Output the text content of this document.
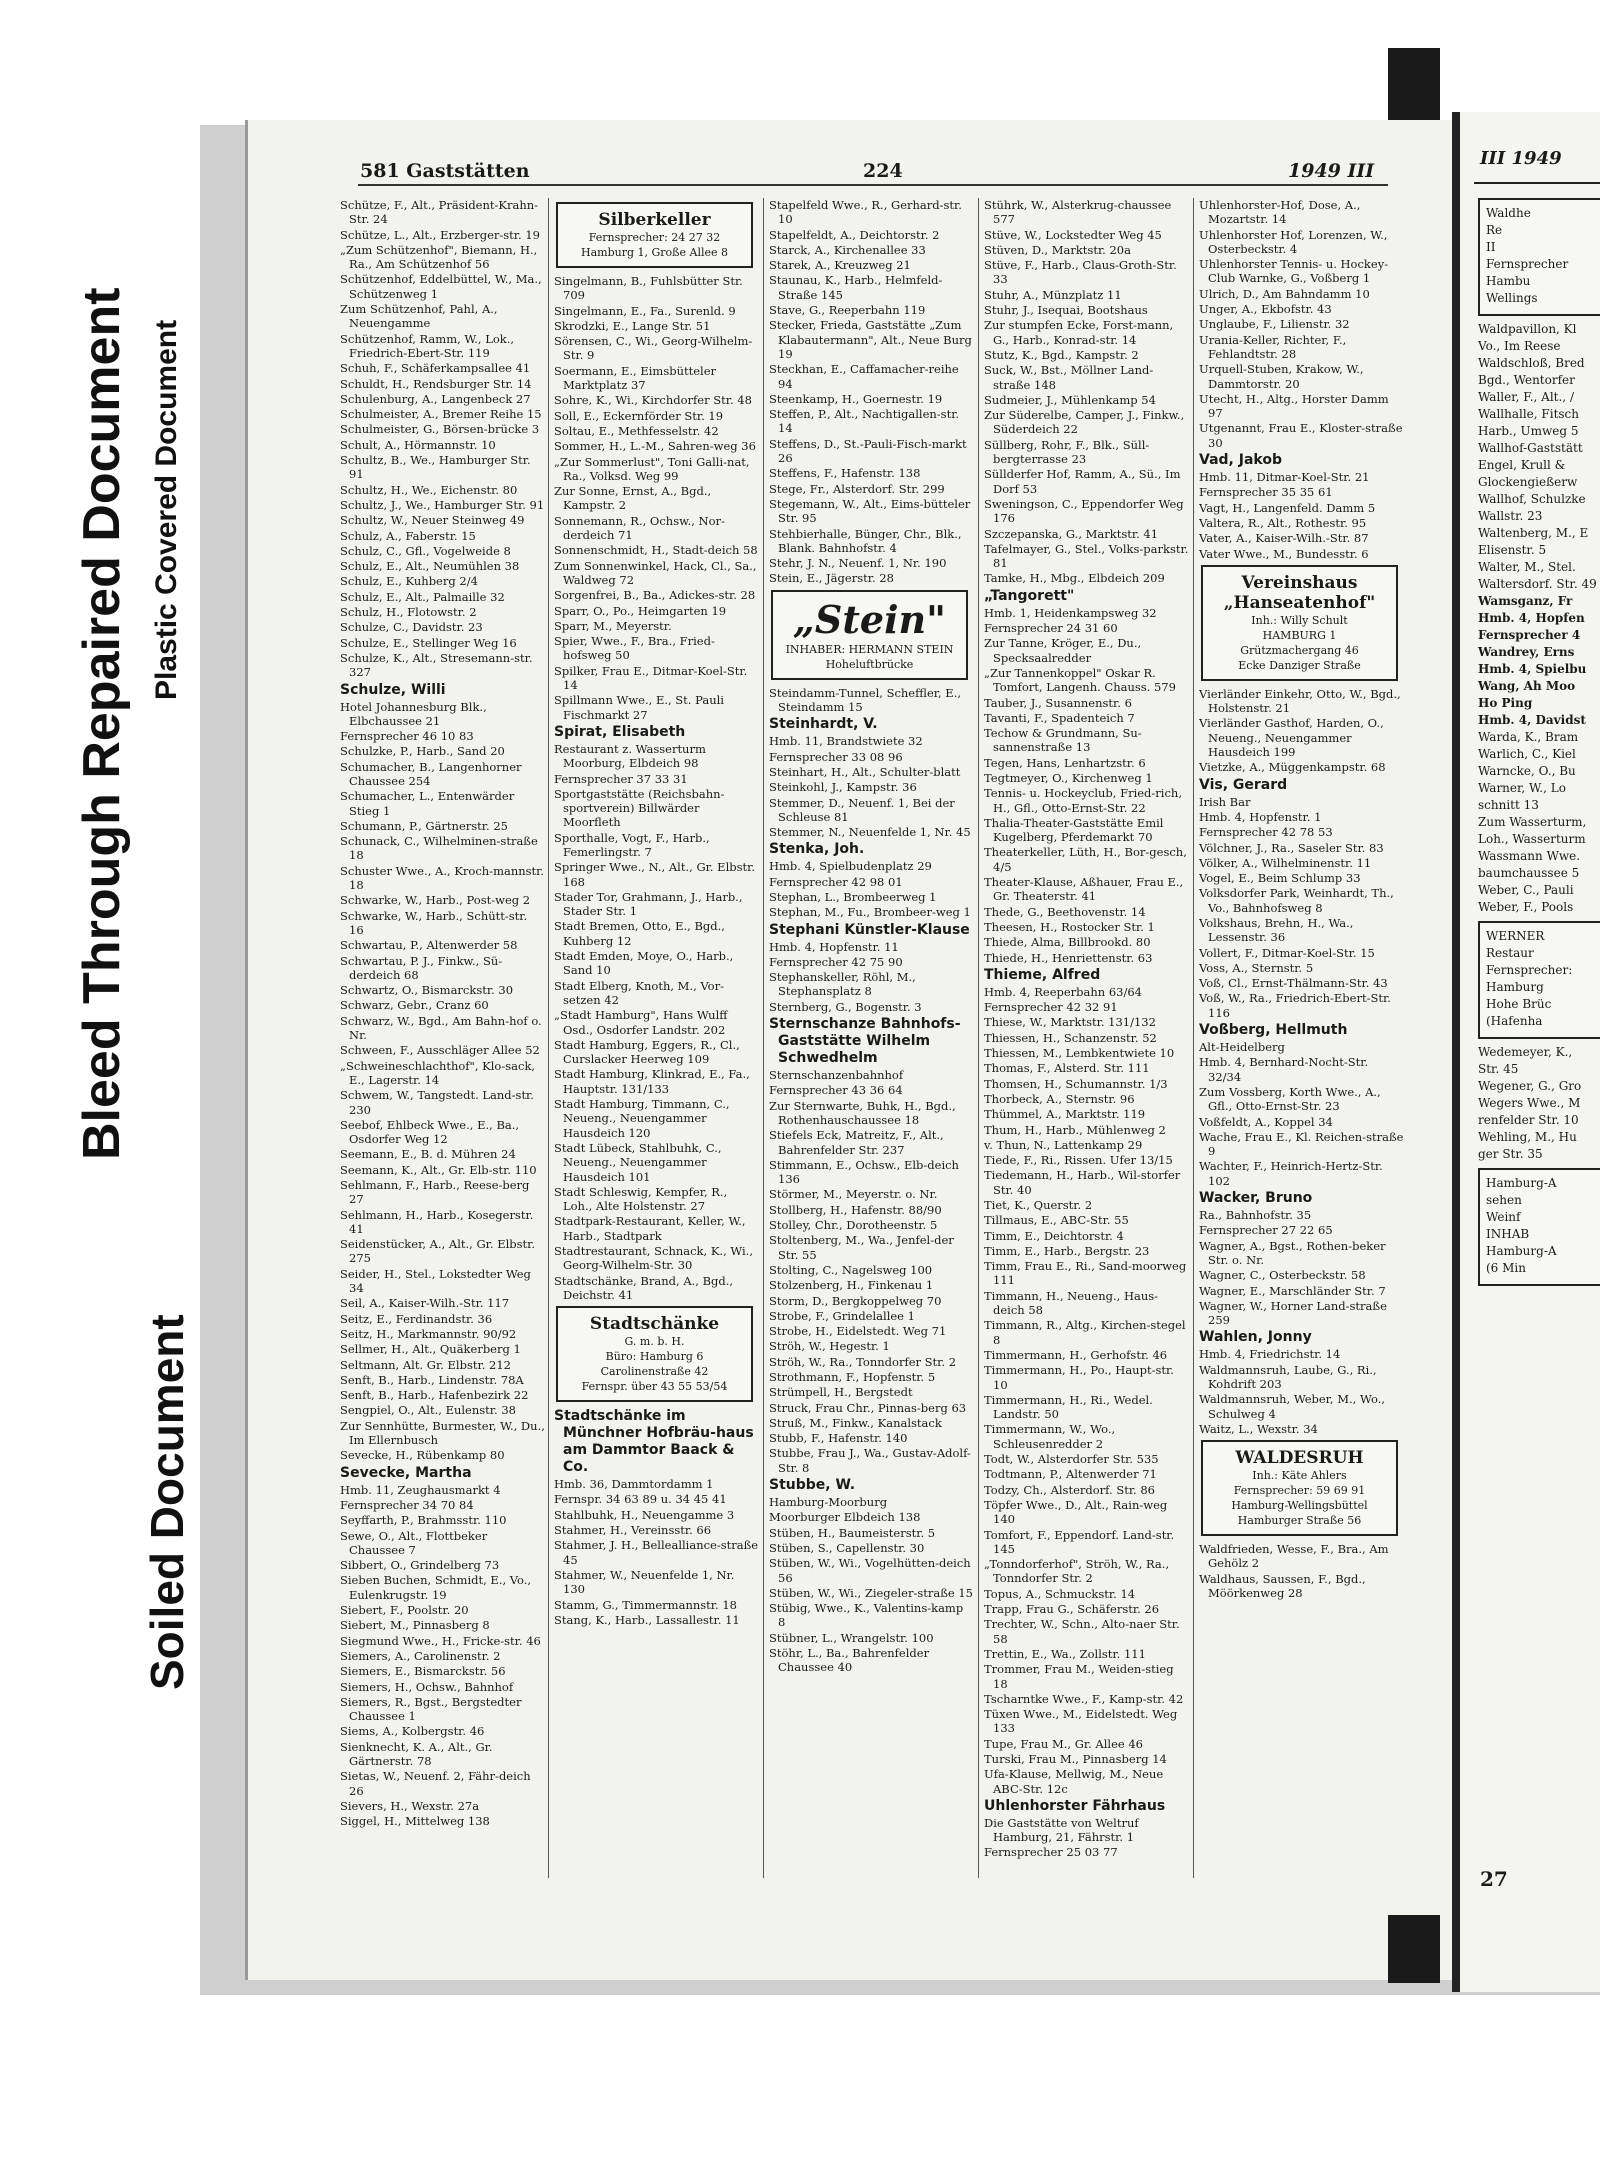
III 1949

Waldhe

Re

II

Fernsprecher

Hambu

Wellings

Waldpavillon, Kl

Vo., Im Reese

Waldschloß, Bred

Bgd., Wentorfer

Waller, F., Alt., /

Wallhalle, Fitsch

Harb., Umweg 5

Wallhof-Gaststätt

Engel, Krull &

Glockengießerw

Wallhof, Schulzke

Wallstr. 23

Waltenberg, M., E

Elisenstr. 5

Walter, M., Stel.

Waltersdorf. Str. 49

Wamsganz, Fr

Hmb. 4, Hopfen

Fernsprecher 4

Wandrey, Erns

Hmb. 4, Spielbu

Wang, Ah Moo

Ho Ping

Hmb. 4, Davidst

Warda, K., Bram

Warlich, C., Kiel

Warncke, O., Bu

Warner, W., Lo

schnitt 13

Zum Wasserturm,

Loh., Wasserturm

Wassmann Wwe.

baumchaussee 5

Weber, C., Pauli

Weber, F., Pools

WERNER

Restaur

Fernsprecher:

Hamburg

Hohe Brüc

(Hafenha

Wedemeyer, K.,

Str. 45

Wegener, G., Gro

Wegers Wwe., M

renfelder Str. 10

Wehling, M., Hu

ger Str. 35

Hamburg-A

sehen

Weinf

INHAB

Hamburg-A

(6 Min

27
Bleed Through Repaired Document Plastic Covered Document
Soiled Document
581 Gaststätten	224	1949 III

Schütze, F., Alt., Präsident-Krahn-Str. 24

Schütze, L., Alt., Erzberger-str. 19

„Zum Schützenhof", Biemann, H., Ra., Am Schützenhof 56

Schützenhof, Eddelbüttel, W., Ma., Schützenweg 1

Zum Schützenhof, Pahl, A., Neuengamme

Schützenhof, Ramm, W., Lok., Friedrich-Ebert-Str. 119

Schuh, F., Schäferkampsallee 41

Schuldt, H., Rendsburger Str. 14

Schulenburg, A., Langenbeck 27

Schulmeister, A., Bremer Reihe 15

Schulmeister, G., Börsen-brücke 3

Schult, A., Hörmannstr. 10

Schultz, B., We., Hamburger Str. 91

Schultz, H., We., Eichenstr. 80

Schultz, J., We., Hamburger Str. 91

Schultz, W., Neuer Steinweg 49

Schulz, A., Faberstr. 15

Schulz, C., Gfl., Vogelweide 8

Schulz, E., Alt., Neumühlen 38

Schulz, E., Kuhberg 2/4

Schulz, E., Alt., Palmaille 32

Schulz, H., Flotowstr. 2

Schulze, C., Davidstr. 23

Schulze, E., Stellinger Weg 16

Schulze, K., Alt., Stresemann-str. 327

Schulze, Willi

Hotel Johannesburg Blk., Elbchaussee 21

Fernsprecher 46 10 83

Schulzke, P., Harb., Sand 20

Schumacher, B., Langenhorner Chaussee 254

Schumacher, L., Entenwärder Stieg 1

Schumann, P., Gärtnerstr. 25

Schunack, C., Wilhelminen-straße 18

Schuster Wwe., A., Kroch-mannstr. 18

Schwarke, W., Harb., Post-weg 2

Schwarke, W., Harb., Schütt-str. 16

Schwartau, P., Altenwerder 58

Schwartau, P. J., Finkw., Sü-derdeich 68

Schwartz, O., Bismarckstr. 30

Schwarz, Gebr., Cranz 60

Schwarz, W., Bgd., Am Bahn-hof o. Nr.

Schween, F., Ausschläger Allee 52

„Schweineschlachthof", Klo-sack, E., Lagerstr. 14

Schwem, W., Tangstedt. Land-str. 230

Seebof, Ehlbeck Wwe., E., Ba., Osdorfer Weg 12

Seemann, E., B. d. Mühren 24

Seemann, K., Alt., Gr. Elb-str. 110

Sehlmann, F., Harb., Reese-berg 27

Sehlmann, H., Harb., Kosegerstr. 41

Seidenstücker, A., Alt., Gr. Elbstr. 275

Seider, H., Stel., Lokstedter Weg 34

Seil, A., Kaiser-Wilh.-Str. 117

Seitz, E., Ferdinandstr. 36

Seitz, H., Markmannstr. 90/92

Sellmer, H., Alt., Quäkerberg 1

Seltmann, Alt. Gr. Elbstr. 212

Senft, B., Harb., Lindenstr. 78A

Senft, B., Harb., Hafenbezirk 22

Sengpiel, O., Alt., Eulenstr. 38

Zur Sennhütte, Burmester, W., Du., Im Ellernbusch

Sevecke, H., Rübenkamp 80

Sevecke, Martha

Hmb. 11, Zeughausmarkt 4

Fernsprecher 34 70 84

Seyffarth, P., Brahmsstr. 110

Sewe, O., Alt., Flottbeker Chaussee 7

Sibbert, O., Grindelberg 73

Sieben Buchen, Schmidt, E., Vo., Eulenkrugstr. 19

Siebert, F., Poolstr. 20

Siebert, M., Pinnasberg 8

Siegmund Wwe., H., Fricke-str. 46

Siemers, A., Carolinenstr. 2

Siemers, E., Bismarckstr. 56

Siemers, H., Ochsw., Bahnhof

Siemers, R., Bgst., Bergstedter Chaussee 1

Siems, A., Kolbergstr. 46

Sienknecht, K. A., Alt., Gr. Gärtnerstr. 78

Sietas, W., Neuenf. 2, Fähr-deich 26

Sievers, H., Wexstr. 27a

Siggel, H., Mittelweg 138

Silberkeller
Fernsprecher: 24 27 32
Hamburg 1, Große Allee 8

Singelmann, B., Fuhlsbütter Str. 709

Singelmann, E., Fa., Surenld. 9

Skrodzki, E., Lange Str. 51

Sörensen, C., Wi., Georg-Wilhelm-Str. 9

Soermann, E., Eimsbütteler Marktplatz 37

Sohre, K., Wi., Kirchdorfer Str. 48

Soll, E., Eckernförder Str. 19

Soltau, E., Methfesselstr. 42

Sommer, H., L.-M., Sahren-weg 36

„Zur Sommerlust", Toni Galli-nat, Ra., Volksd. Weg 99

Zur Sonne, Ernst, A., Bgd., Kampstr. 2

Sonnemann, R., Ochsw., Nor-derdeich 71

Sonnenschmidt, H., Stadt-deich 58

Zum Sonnenwinkel, Hack, Cl., Sa., Waldweg 72

Sorgenfrei, B., Ba., Adickes-str. 28

Sparr, O., Po., Heimgarten 19

Sparr, M., Meyerstr.

Spier, Wwe., F., Bra., Fried-hofsweg 50

Spilker, Frau E., Ditmar-Koel-Str. 14

Spillmann Wwe., E., St. Pauli Fischmarkt 27

Spirat, Elisabeth

Restaurant z. Wasserturm Moorburg, Elbdeich 98

Fernsprecher 37 33 31

Sportgaststätte (Reichsbahn-sportverein) Billwärder Moorfleth

Sporthalle, Vogt, F., Harb., Femerlingstr. 7

Springer Wwe., N., Alt., Gr. Elbstr. 168

Stader Tor, Grahmann, J., Harb., Stader Str. 1

Stadt Bremen, Otto, E., Bgd., Kuhberg 12

Stadt Emden, Moye, O., Harb., Sand 10

Stadt Elberg, Knoth, M., Vor-setzen 42

„Stadt Hamburg", Hans Wulff Osd., Osdorfer Landstr. 202

Stadt Hamburg, Eggers, R., Cl., Curslacker Heerweg 109

Stadt Hamburg, Klinkrad, E., Fa., Hauptstr. 131/133

Stadt Hamburg, Timmann, C., Neueng., Neuengammer Hausdeich 120

Stadt Lübeck, Stahlbuhk, C., Neueng., Neuengammer Hausdeich 101

Stadt Schleswig, Kempfer, R., Loh., Alte Holstenstr. 27

Stadtpark-Restaurant, Keller, W., Harb., Stadtpark

Stadtrestaurant, Schnack, K., Wi., Georg-Wilhelm-Str. 30

Stadtschänke, Brand, A., Bgd., Deichstr. 41

Stadtschänke
G. m. b. H.
Büro: Hamburg 6
Carolinenstraße 42
Fernspr. über 43 55 53/54

Stadtschänke im Münchner Hofbräu-haus am Dammtor Baack & Co.

Hmb. 36, Dammtordamm 1

Fernspr. 34 63 89 u. 34 45 41

Stahlbuhk, H., Neuengamme 3

Stahmer, H., Vereinsstr. 66

Stahmer, J. H., Bellealliance-straße 45

Stahmer, W., Neuenfelde 1, Nr. 130

Stamm, G., Timmermannstr. 18

Stang, K., Harb., Lassallestr. 11

Stapelfeld Wwe., R., Gerhard-str. 10

Stapelfeldt, A., Deichtorstr. 2

Starck, A., Kirchenallee 33

Starek, A., Kreuzweg 21

Staunau, K., Harb., Helmfeld-Straße 145

Stave, G., Reeperbahn 119

Stecker, Frieda, Gaststätte „Zum Klabautermann", Alt., Neue Burg 19

Steckhan, E., Caffamacher-reihe 94

Steenkamp, H., Goernestr. 19

Steffen, P., Alt., Nachtigallen-str. 14

Steffens, D., St.-Pauli-Fisch-markt 26

Steffens, F., Hafenstr. 138

Stege, Fr., Alsterdorf. Str. 299

Stegemann, W., Alt., Eims-bütteler Str. 95

Stehbierhalle, Bünger, Chr., Blk., Blank. Bahnhofstr. 4

Stehr, J. N., Neuenf. 1, Nr. 190

Stein, E., Jägerstr. 28

„Stein"
INHABER: HERMANN STEIN
Hoheluftbrücke

Steindamm-Tunnel, Scheffler, E., Steindamm 15

Steinhardt, V.

Hmb. 11, Brandstwiete 32

Fernsprecher 33 08 96

Steinhart, H., Alt., Schulter-blatt

Steinkohl, J., Kampstr. 36

Stemmer, D., Neuenf. 1, Bei der Schleuse 81

Stemmer, N., Neuenfelde 1, Nr. 45

Stenka, Joh.

Hmb. 4, Spielbudenplatz 29

Fernsprecher 42 98 01

Stephan, L., Brombeerweg 1

Stephan, M., Fu., Brombeer-weg 1

Stephani Künstler-Klause

Hmb. 4, Hopfenstr. 11

Fernsprecher 42 75 90

Stephanskeller, Röhl, M., Stephansplatz 8

Sternberg, G., Bogenstr. 3

Sternschanze Bahnhofs-Gaststätte Wilhelm Schwedhelm

Sternschanzenbahnhof

Fernsprecher 43 36 64

Zur Sternwarte, Buhk, H., Bgd., Rothenhauschaussee 18

Stiefels Eck, Matreitz, F., Alt., Bahrenfelder Str. 237

Stimmann, E., Ochsw., Elb-deich 136

Störmer, M., Meyerstr. o. Nr.

Stollberg, H., Hafenstr. 88/90

Stolley, Chr., Dorotheenstr. 5

Stoltenberg, M., Wa., Jenfel-der Str. 55

Stolting, C., Nagelsweg 100

Stolzenberg, H., Finkenau 1

Storm, D., Bergkoppelweg 70

Strobe, F., Grindelallee 1

Strobe, H., Eidelstedt. Weg 71

Ströh, W., Hegestr. 1

Ströh, W., Ra., Tonndorfer Str. 2

Strothmann, F., Hopfenstr. 5

Strümpell, H., Bergstedt

Struck, Frau Chr., Pinnas-berg 63

Struß, M., Finkw., Kanalstack

Stubb, F., Hafenstr. 140

Stubbe, Frau J., Wa., Gustav-Adolf-Str. 8

Stubbe, W.

Hamburg-Moorburg

Moorburger Elbdeich 138

Stüben, H., Baumeisterstr. 5

Stüben, S., Capellenstr. 30

Stüben, W., Wi., Vogelhütten-deich 56

Stüben, W., Wi., Ziegeler-straße 15

Stübig, Wwe., K., Valentins-kamp 8

Stübner, L., Wrangelstr. 100

Stöhr, L., Ba., Bahrenfelder Chaussee 40

Stührk, W., Alsterkrug-chaussee 577

Stüve, W., Lockstedter Weg 45

Stüven, D., Marktstr. 20a

Stüve, F., Harb., Claus-Groth-Str. 33

Stuhr, A., Münzplatz 11

Stuhr, J., Isequai, Bootshaus

Zur stumpfen Ecke, Forst-mann, G., Harb., Konrad-str. 14

Stutz, K., Bgd., Kampstr. 2

Suck, W., Bst., Möllner Land-straße 148

Sudmeier, J., Mühlenkamp 54

Zur Süderelbe, Camper, J., Finkw., Süderdeich 22

Süllberg, Rohr, F., Blk., Süll-bergterrasse 23

Süllderfer Hof, Ramm, A., Sü., Im Dorf 53

Sweningson, C., Eppendorfer Weg 176

Szczepanska, G., Marktstr. 41

Tafelmayer, G., Stel., Volks-parkstr. 81

Tamke, H., Mbg., Elbdeich 209

„Tangorett"

Hmb. 1, Heidenkampsweg 32

Fernsprecher 24 31 60

Zur Tanne, Kröger, E., Du., Specksaalredder

„Zur Tannenkoppel" Oskar R. Tomfort, Langenh. Chauss. 579

Tauber, J., Susannenstr. 6

Tavanti, F., Spadenteich 7

Techow & Grundmann, Su-sannenstraße 13

Tegen, Hans, Lenhartzstr. 6

Tegtmeyer, O., Kirchenweg 1

Tennis- u. Hockeyclub, Fried-rich, H., Gfl., Otto-Ernst-Str. 22

Thalia-Theater-Gaststätte Emil Kugelberg, Pferdemarkt 70

Theaterkeller, Lüth, H., Bor-gesch, 4/5

Theater-Klause, Aßhauer, Frau E., Gr. Theaterstr. 41

Thede, G., Beethovenstr. 14

Theesen, H., Rostocker Str. 1

Thiede, Alma, Billbrookd. 80

Thiede, H., Henriettenstr. 63

Thieme, Alfred

Hmb. 4, Reeperbahn 63/64

Fernsprecher 42 32 91

Thiese, W., Marktstr. 131/132

Thiessen, H., Schanzenstr. 52

Thiessen, M., Lembkentwiete 10

Thomas, F., Alsterd. Str. 111

Thomsen, H., Schumannstr. 1/3

Thorbeck, A., Sternstr. 96

Thümmel, A., Marktstr. 119

Thum, H., Harb., Mühlenweg 2

v. Thun, N., Lattenkamp 29

Tiede, F., Ri., Rissen. Ufer 13/15

Tiedemann, H., Harb., Wil-storfer Str. 40

Tiet, K., Querstr. 2

Tillmaus, E., ABC-Str. 55

Timm, E., Deichtorstr. 4

Timm, E., Harb., Bergstr. 23

Timm, Frau E., Ri., Sand-moorweg 111

Timmann, H., Neueng., Haus-deich 58

Timmann, R., Altg., Kirchen-stegel 8

Timmermann, H., Gerhofstr. 46

Timmermann, H., Po., Haupt-str. 10

Timmermann, H., Ri., Wedel. Landstr. 50

Timmermann, W., Wo., Schleusenredder 2

Todt, W., Alsterdorfer Str. 535

Todtmann, P., Altenwerder 71

Todzy, Ch., Alsterdorf. Str. 86

Töpfer Wwe., D., Alt., Rain-weg 140

Tomfort, F., Eppendorf. Land-str. 145

„Tonndorferhof", Ströh, W., Ra., Tonndorfer Str. 2

Topus, A., Schmuckstr. 14

Trapp, Frau G., Schäferstr. 26

Trechter, W., Schn., Alto-naer Str. 58

Trettin, E., Wa., Zollstr. 111

Trommer, Frau M., Weiden-stieg 18

Tscharntke Wwe., F., Kamp-str. 42

Tüxen Wwe., M., Eidelstedt. Weg 133

Tupe, Frau M., Gr. Allee 46

Turski, Frau M., Pinnasberg 14

Ufa-Klause, Mellwig, M., Neue ABC-Str. 12c

Uhlenhorster Fährhaus

Die Gaststätte von Weltruf Hamburg, 21, Fährstr. 1

Fernsprecher 25 03 77

Uhlenhorster-Hof, Dose, A., Mozartstr. 14

Uhlenhorster Hof, Lorenzen, W., Osterbeckstr. 4

Uhlenhorster Tennis- u. Hockey-Club Warnke, G., Voßberg 1

Ulrich, D., Am Bahndamm 10

Unger, A., Ekbofstr. 43

Unglaube, F., Lilienstr. 32

Urania-Keller, Richter, F., Fehlandtstr. 28

Urquell-Stuben, Krakow, W., Dammtorstr. 20

Utecht, H., Altg., Horster Damm 97

Utgenannt, Frau E., Kloster-straße 30

Vad, Jakob

Hmb. 11, Ditmar-Koel-Str. 21

Fernsprecher 35 35 61

Vagt, H., Langenfeld. Damm 5

Valtera, R., Alt., Rothestr. 95

Vater, A., Kaiser-Wilh.-Str. 87

Vater Wwe., M., Bundesstr. 6

Vereinshaus „Hanseatenhof"
Inh.: Willy Schult
HAMBURG 1
Grützmachergang 46
Ecke Danziger Straße

Vierländer Einkehr, Otto, W., Bgd., Holstenstr. 21

Vierländer Gasthof, Harden, O., Neueng., Neuengammer Hausdeich 199

Vietzke, A., Müggenkampstr. 68

Vis, Gerard

Irish Bar

Hmb. 4, Hopfenstr. 1

Fernsprecher 42 78 53

Völchner, J., Ra., Saseler Str. 83

Völker, A., Wilhelminenstr. 11

Vogel, E., Beim Schlump 33

Volksdorfer Park, Weinhardt, Th., Vo., Bahnhofsweg 8

Volkshaus, Brehn, H., Wa., Lessenstr. 36

Vollert, F., Ditmar-Koel-Str. 15

Voss, A., Sternstr. 5

Voß, Cl., Ernst-Thälmann-Str. 43

Voß, W., Ra., Friedrich-Ebert-Str. 116

Voßberg, Hellmuth

Alt-Heidelberg

Hmb. 4, Bernhard-Nocht-Str. 32/34

Zum Vossberg, Korth Wwe., A., Gfl., Otto-Ernst-Str. 23

Voßfeldt, A., Koppel 34

Wache, Frau E., Kl. Reichen-straße 9

Wachter, F., Heinrich-Hertz-Str. 102

Wacker, Bruno

Ra., Bahnhofstr. 35

Fernsprecher 27 22 65

Wagner, A., Bgst., Rothen-beker Str. o. Nr.

Wagner, C., Osterbeckstr. 58

Wagner, E., Marschländer Str. 7

Wagner, W., Horner Land-straße 259

Wahlen, Jonny

Hmb. 4, Friedrichstr. 14

Waldmannsruh, Laube, G., Ri., Kohdrift 203

Waldmannsruh, Weber, M., Wo., Schulweg 4

Waitz, L., Wexstr. 34

WALDESRUH
Inh.: Käte Ahlers
Fernsprecher: 59 69 91
Hamburg-Wellingsbüttel
Hamburger Straße 56

Waldfrieden, Wesse, F., Bra., Am Gehölz 2

Waldhaus, Saussen, F., Bgd., Möörkenweg 28
